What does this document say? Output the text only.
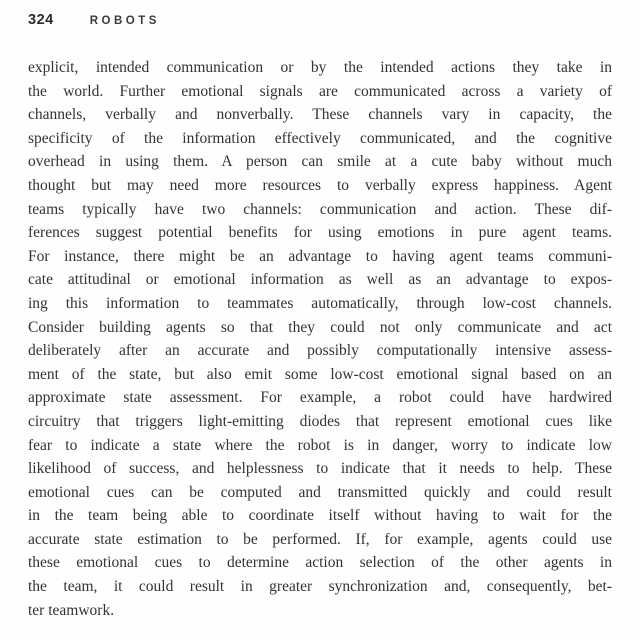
324	ROBOTS
explicit, intended communication or by the intended actions they take in
the world. Further emotional signals are communicated across a variety of
channels, verbally and nonverbally. These channels vary in capacity, the
specificity of the information effectively communicated, and the cognitive
overhead in using them. A person can smile at a cute baby without much
thought but may need more resources to verbally express happiness. Agent
teams typically have two channels: communication and action. These dif-
ferences suggest potential benefits for using emotions in pure agent teams.
For instance, there might be an advantage to having agent teams communi-
cate attitudinal or emotional information as well as an advantage to expos-
ing this information to teammates automatically, through low-cost channels.
Consider building agents so that they could not only communicate and act
deliberately after an accurate and possibly computationally intensive assess-
ment of the state, but also emit some low-cost emotional signal based on an
approximate state assessment. For example, a robot could have hardwired
circuitry that triggers light-emitting diodes that represent emotional cues like
fear to indicate a state where the robot is in danger, worry to indicate low
likelihood of success, and helplessness to indicate that it needs to help. These
emotional cues can be computed and transmitted quickly and could result
in the team being able to coordinate itself without having to wait for the
accurate state estimation to be performed. If, for example, agents could use
these emotional cues to determine action selection of the other agents in
the team, it could result in greater synchronization and, consequently, bet-
ter teamwork.
